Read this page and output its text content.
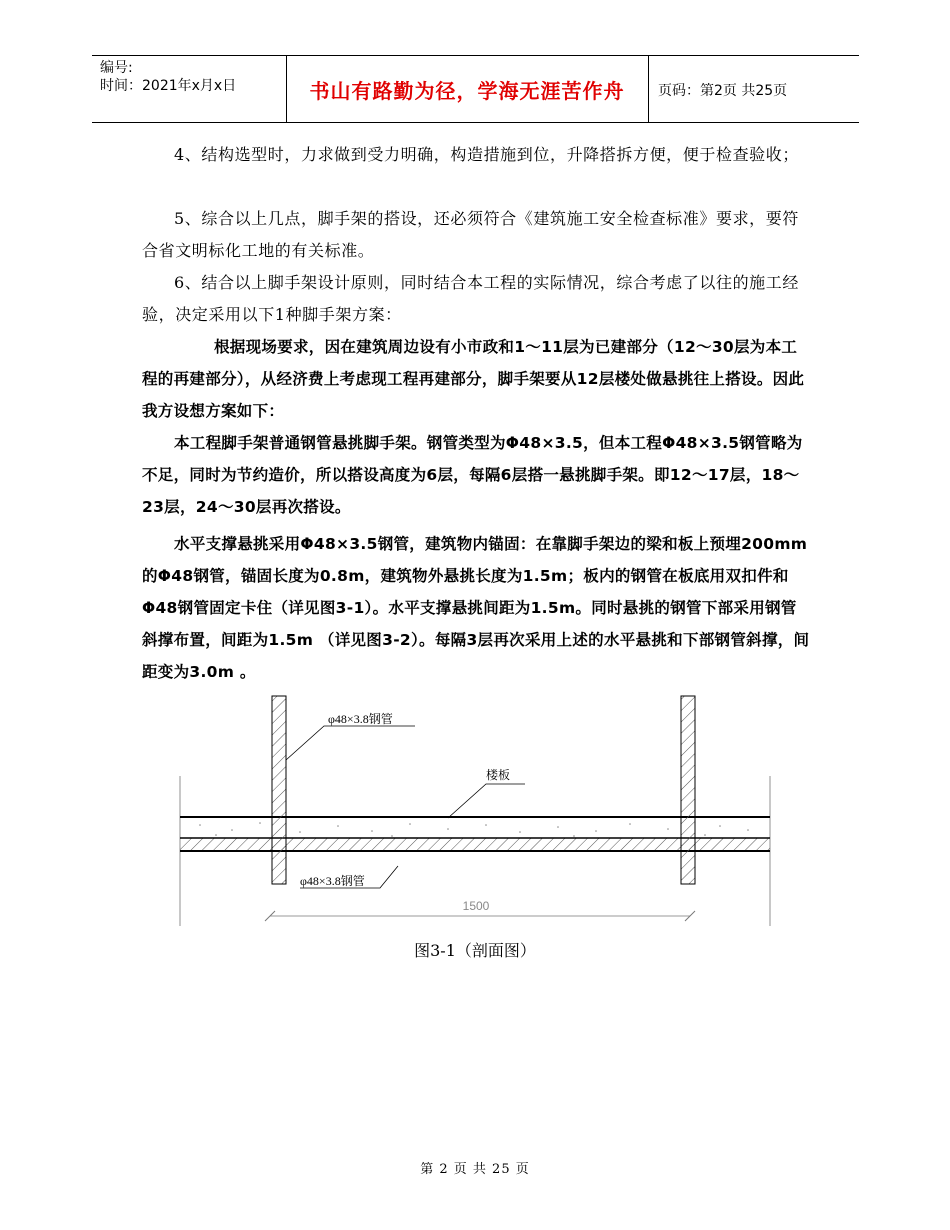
编号:
时间：2021年x月x日	书山有路勤为径，学海无涯苦作舟	页码：第2页 共25页
4、结构选型时，力求做到受力明确，构造措施到位，升降搭拆方便，便于检查验收；
5、综合以上几点，脚手架的搭设，还必须符合《建筑施工安全检查标准》要求，要符合省文明标化工地的有关标准。
6、结合以上脚手架设计原则，同时结合本工程的实际情况，综合考虑了以往的施工经验，决定采用以下1种脚手架方案：
根据现场要求，因在建筑周边设有小市政和1～11层为已建部分（12～30层为本工程的再建部分），从经济费上考虑现工程再建部分，脚手架要从12层楼处做悬挑往上搭设。因此我方设想方案如下：
本工程脚手架普通钢管悬挑脚手架。钢管类型为Φ48×3.5，但本工程Φ48×3.5钢管略为不足，同时为节约造价，所以搭设高度为6层，每隔6层搭一悬挑脚手架。即12～17层，18～23层，24～30层再次搭设。
水平支撑悬挑采用Φ48×3.5钢管，建筑物内锚固：在靠脚手架边的梁和板上预埋200mm的Φ48钢管，锚固长度为0.8m，建筑物外悬挑长度为1.5m；板内的钢管在板底用双扣件和Φ48钢管固定卡住（详见图3-1）。水平支撑悬挑间距为1.5m。同时悬挑的钢管下部采用钢管斜撑布置，间距为1.5m （详见图3-2）。每隔3层再次采用上述的水平悬挑和下部钢管斜撑，间距变为3.0m 。
φ48×3.8钢管
楼板
φ48×3.8钢管
1500
图3-1（剖面图）
第 2 页 共 25 页
